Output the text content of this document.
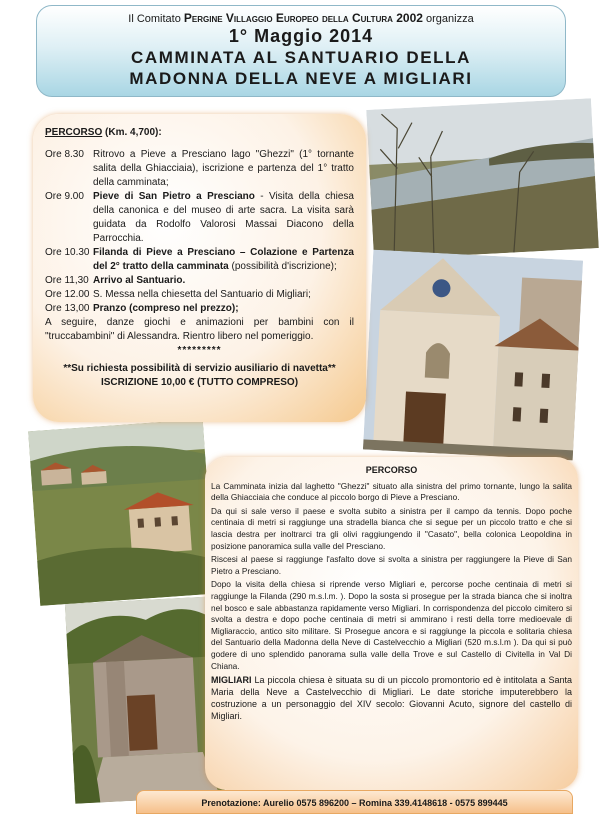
Il Comitato Pergine Villaggio Europeo della Cultura 2002 organizza
1° Maggio 2014
CAMMINATA AL SANTUARIO DELLA
MADONNA DELLA NEVE A MIGLIARI
PERCORSO (Km. 4,700):
Ore 8.30 Ritrovo a Pieve a Presciano lago "Ghezzi" (1° tornante salita della Ghiacciaia), iscrizione e partenza del 1° tratto della camminata;
Ore 9.00 Pieve di San Pietro a Presciano - Visita della chiesa della canonica e del museo di arte sacra. La visita sarà guidata da Rodolfo Valorosi Massai Diacono della Parrocchia.
Ore 10.30 Filanda di Pieve a Presciano – Colazione e Partenza del 2° tratto della camminata (possibilità d'iscrizione);
Ore 11,30 Arrivo al Santuario.
Ore 12.00 S. Messa nella chiesetta del Santuario di Migliari;
Ore 13,00 Pranzo (compreso nel prezzo);
A seguire, danze giochi e animazioni per bambini con il "truccabambini" di Alessandra. Rientro libero nel pomeriggio.
*********
**Su richiesta possibilità di servizio ausiliario di navetta**
ISCRIZIONE 10,00 € (TUTTO COMPRESO)
PERCORSO

La Camminata inizia dal laghetto "Ghezzi" situato alla sinistra del primo tornante, lungo la salita della Ghiacciaia che conduce al piccolo borgo di Pieve a Presciano.

Da qui si sale verso il paese e svolta subito a sinistra per il campo da tennis. Dopo poche centinaia di metri si raggiunge una stradella bianca che si segue per un piccolo tratto e che si lascia destra per inoltrarci tra gli olivi raggiungendo il "Casato", bella colonica Leopoldina in posizione panoramica sulla valle del Presciano.

Riscesi al paese si raggiunge l'asfalto dove si svolta a sinistra per raggiungere la Pieve di San Pietro a Presciano.

Dopo la visita della chiesa si riprende verso Migliari e, percorse poche centinaia di metri si raggiunge la Filanda (290 m.s.l.m. ). Dopo la sosta si prosegue per la strada bianca che si inoltra nel bosco e sale abbastanza rapidamente verso Migliari. In corrispondenza del piccolo cimitero si svolta a destra e dopo poche centinaia di metri si ammirano i resti della torre medioevale di Migliaraccio, antico sito militare. Si Prosegue ancora e si raggiunge la piccola e solitaria chiesa del Santuario della Madonna della Neve di Castelvecchio a Migliari (520 m.s.l.m ). Da qui si può godere di uno splendido panorama sulla valle della Trove e sul Castello di Civitella in Val Di Chiana.

MIGLIARI La piccola chiesa è situata su di un piccolo promontorio ed è intitolata a Santa Maria della Neve a Castelvecchio di Migliari. Le date storiche imputerebbero la costruzione a un personaggio del XIV secolo: Giovanni Acuto, signore del castello di Migliari.

Prenotazione: Aurelio 0575 896200 – Romina 339.4148618 - 0575 899445
